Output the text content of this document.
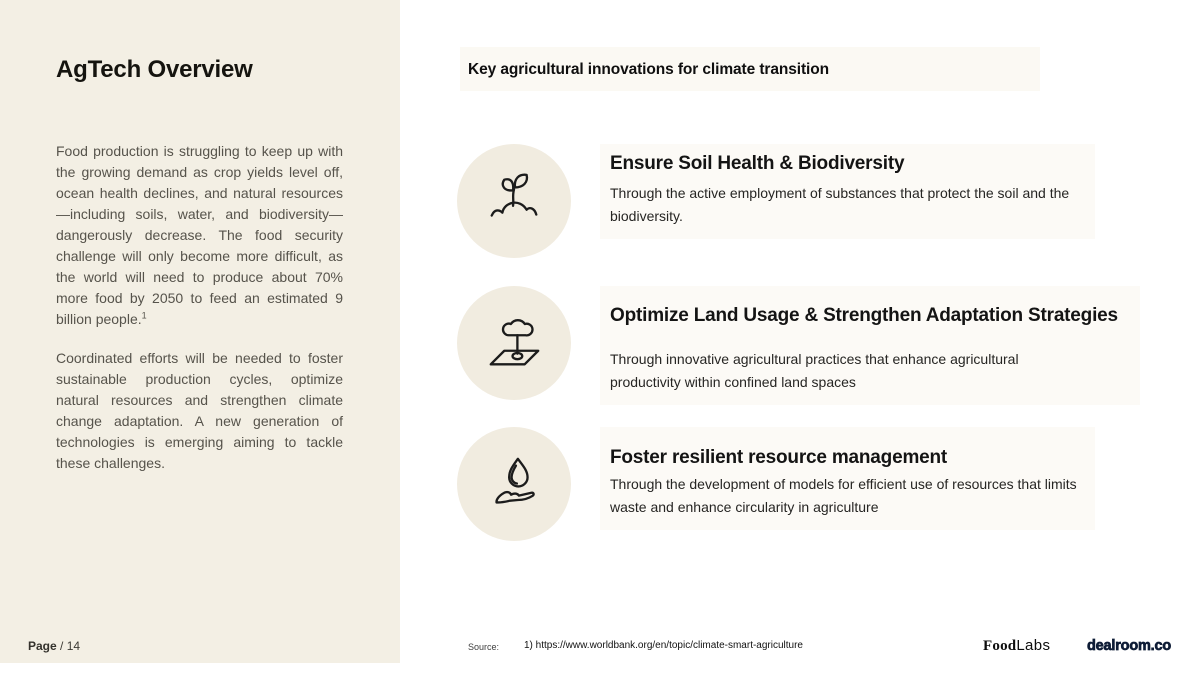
AgTech Overview

Food production is struggling to keep up with the growing demand as crop yields level off, ocean health declines, and natural resources—including soils, water, and biodiversity—dangerously decrease. The food security challenge will only become more difficult, as the world will need to produce about 70% more food by 2050 to feed an estimated 9 billion people.$^1$

Coordinated efforts will be needed to foster sustainable production cycles, optimize natural resources and strengthen climate change adaptation. A new generation of technologies is emerging aiming to tackle these challenges.

Page / 14
Key agricultural innovations for climate transition
Ensure Soil Health & Biodiversity

Through the active employment of substances that protect the soil and the biodiversity.

Optimize Land Usage & Strengthen Adaptation Strategies

Through innovative agricultural practices that enhance agricultural productivity within confined land spaces

Foster resilient resource management

Through the development of models for efficient use of resources that limits waste and enhance circularity in agriculture

Source: 1) https://www.worldbank.org/en/topic/climate-smart-agriculture	FoodLabs	dealroom.co
